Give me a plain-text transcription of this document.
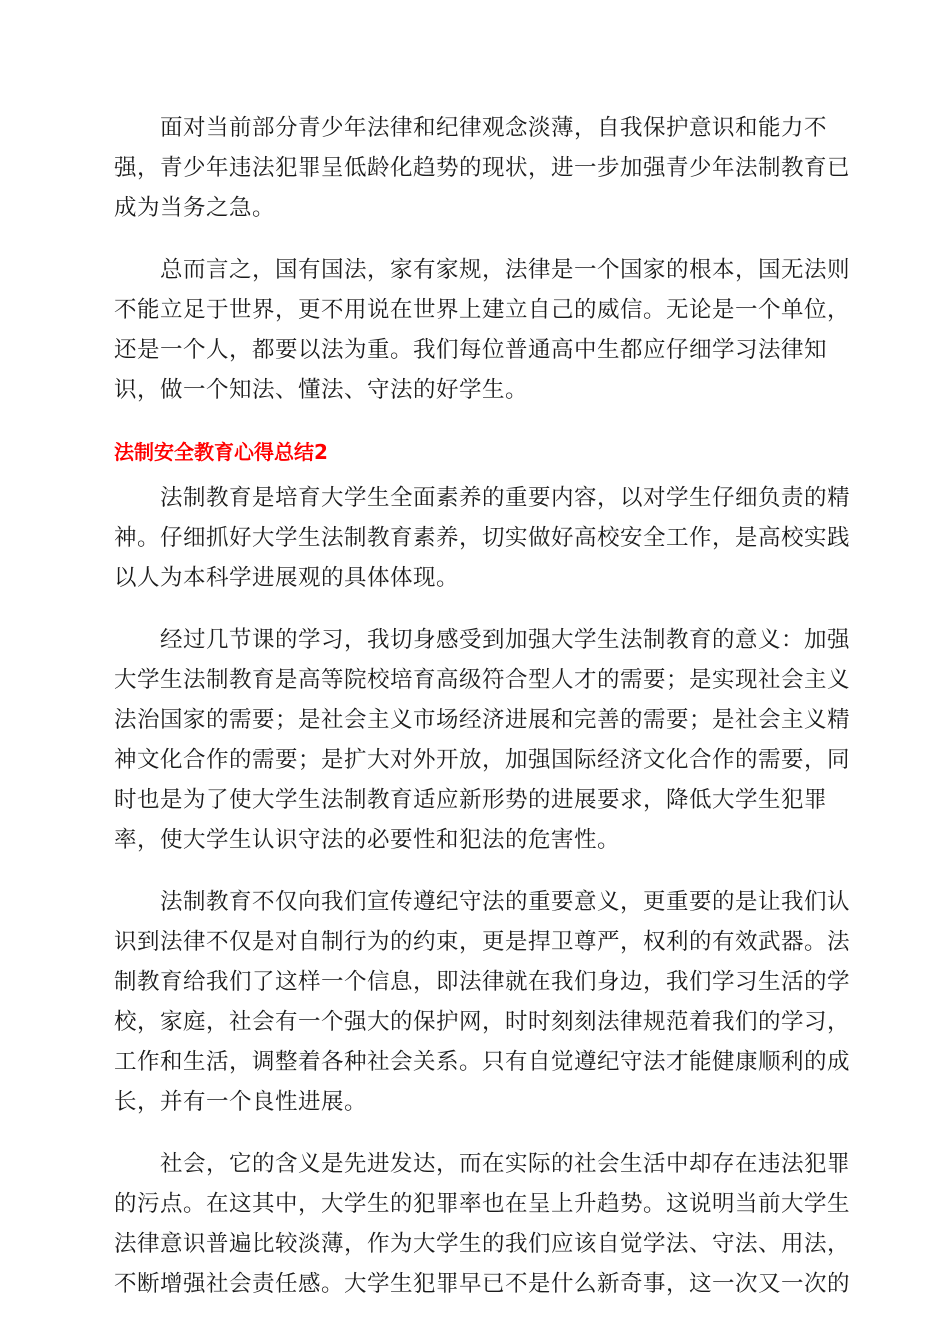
面对当前部分青少年法律和纪律观念淡薄，自我保护意识和能力不
强，青少年违法犯罪呈低龄化趋势的现状，进一步加强青少年法制教育已
成为当务之急。

总而言之，国有国法，家有家规，法律是一个国家的根本，国无法则
不能立足于世界，更不用说在世界上建立自己的威信。无论是一个单位，
还是一个人，都要以法为重。我们每位普通高中生都应仔细学习法律知
识，做一个知法、懂法、守法的好学生。

法制安全教育心得总结2

法制教育是培育大学生全面素养的重要内容，以对学生仔细负责的精
神。仔细抓好大学生法制教育素养，切实做好高校安全工作，是高校实践
以人为本科学进展观的具体体现。

经过几节课的学习，我切身感受到加强大学生法制教育的意义：加强
大学生法制教育是高等院校培育高级符合型人才的需要；是实现社会主义
法治国家的需要；是社会主义市场经济进展和完善的需要；是社会主义精
神文化合作的需要；是扩大对外开放，加强国际经济文化合作的需要，同
时也是为了使大学生法制教育适应新形势的进展要求，降低大学生犯罪
率，使大学生认识守法的必要性和犯法的危害性。

法制教育不仅向我们宣传遵纪守法的重要意义，更重要的是让我们认
识到法律不仅是对自制行为的约束，更是捍卫尊严，权利的有效武器。法
制教育给我们了这样一个信息，即法律就在我们身边，我们学习生活的学
校，家庭，社会有一个强大的保护网，时时刻刻法律规范着我们的学习，
工作和生活，调整着各种社会关系。只有自觉遵纪守法才能健康顺利的成
长，并有一个良性进展。

社会，它的含义是先进发达，而在实际的社会生活中却存在违法犯罪
的污点。在这其中，大学生的犯罪率也在呈上升趋势。这说明当前大学生
法律意识普遍比较淡薄，作为大学生的我们应该自觉学法、守法、用法，
不断增强社会责任感。大学生犯罪早已不是什么新奇事，这一次又一次的
